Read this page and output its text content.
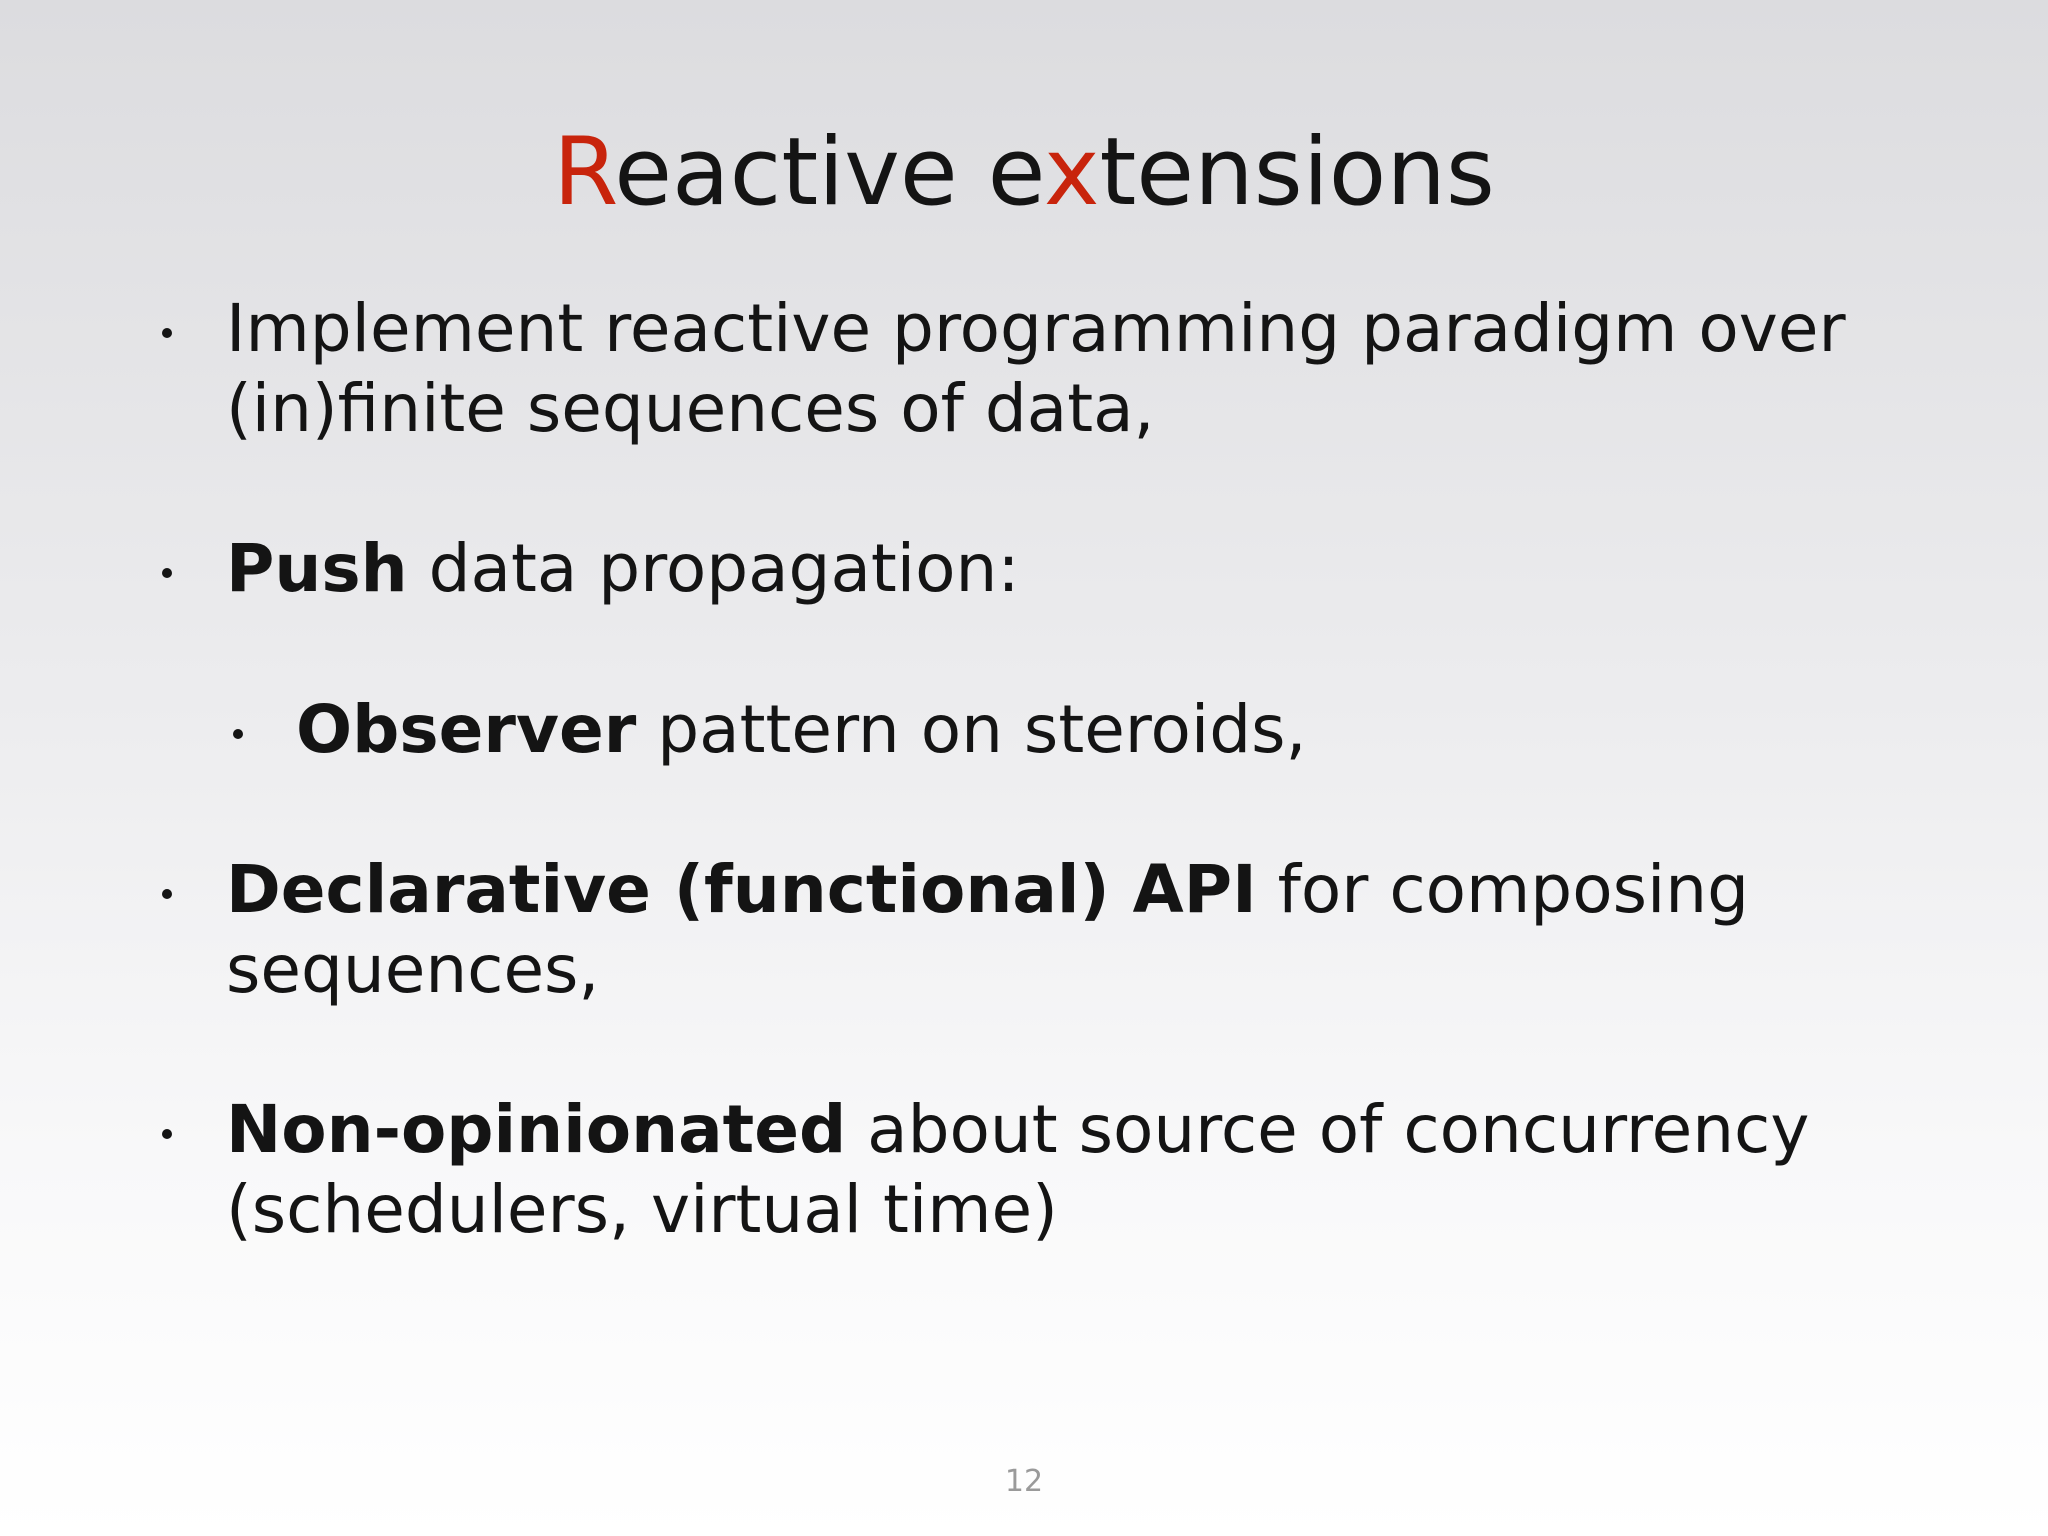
Reactive extensions
Implement reactive programming paradigm over
(in)finite sequences of data,
Push data propagation:
Observer pattern on steroids,
Declarative (functional) API for composing
sequences,
Non-opinionated about source of concurrency
(schedulers, virtual time)
12
